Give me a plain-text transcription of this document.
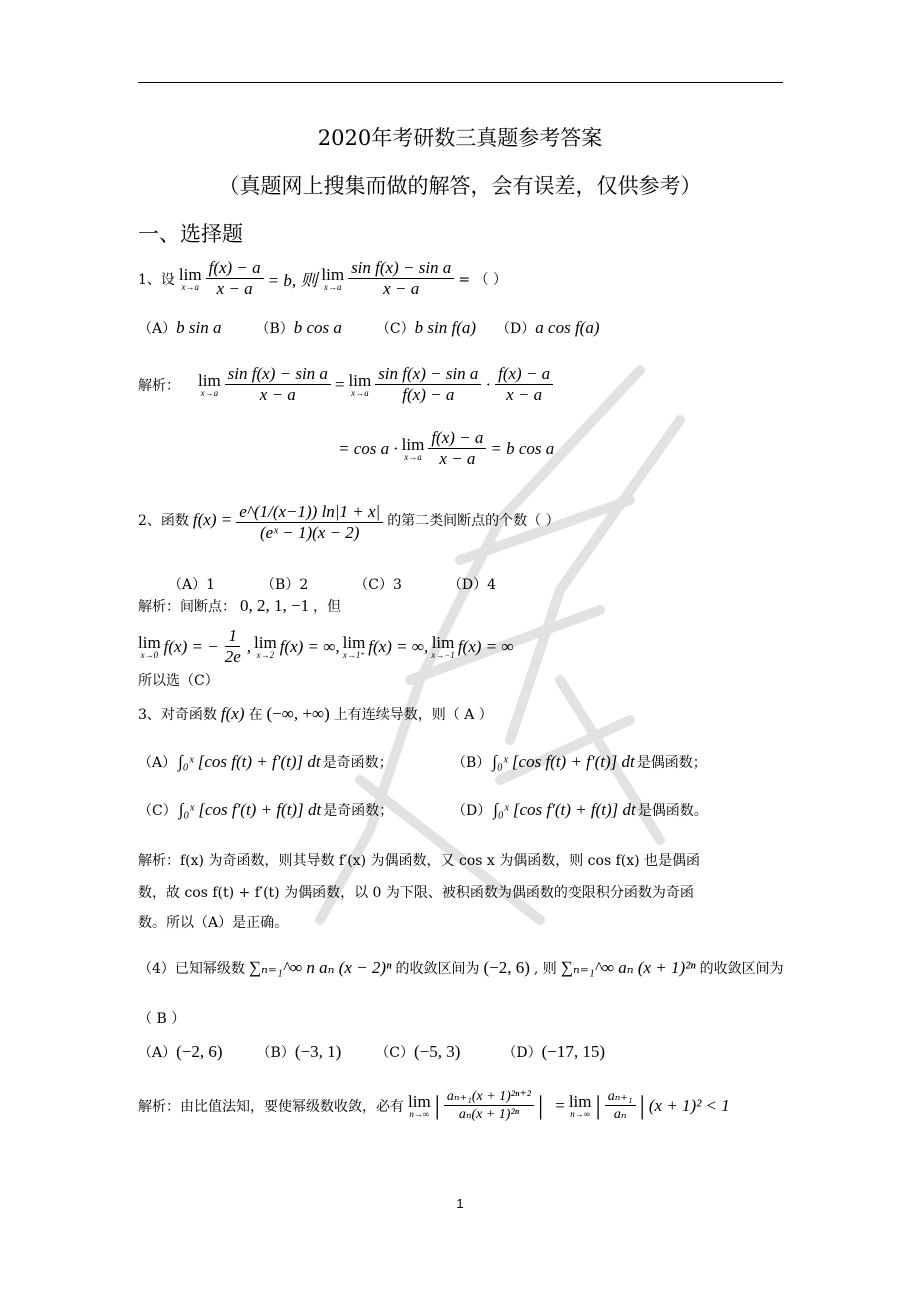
2020年考研数三真题参考答案
（真题网上搜集而做的解答，会有误差，仅供参考）
一、选择题
1、设 lim
$x\to a \frac{f(x) - a}{x - a} = b$, 则 lim
$x\to a \frac{\text{sin f(x) − sin a}}{x - a}$ = （ ）
（A） b sin a （B） b cos a （C） b sin f(a) （D） a cos f(a)
解析： lim
$x\to a \frac{\text{sin f(x) − sin a}}{x - a} = \lim$
$x\to a \frac{\text{sin f(x) − sin a}}{f(x) - a} \cdot \frac{f(x) - a}{x - a}$
= cos a · lim
$x\to a \frac{f(x) - a}{x - a} = b$ cos a
2、函数 $f(x) = \frac{e\^{}(1/(x-1)) \ln|1 + x|}{\text{(eˣ − 1)(x − 2)}}$ 的第二类间断点的个数（ ）
（A）1	（B）2	（C）3	（D）4
解析：间断点： 0, 2, 1, −1 ，但
lim
x→0 f(x) = − $\frac{1}{2e}$ , lim
x→2 f(x) = ∞, lim
x→1⁺ f(x) = ∞, lim
x→−1 f(x) = ∞
所以选（C）
3、对奇函数 f(x) 在 (−∞, +∞) 上有连续导数，则（ A ）
（A） ∫₀ˣ [cos f(t) + f′(t)] dt 是奇函数；	（B） ∫₀ˣ [cos f(t) + f′(t)] dt 是偶函数；
（C） ∫₀ˣ [cos f′(t) + f(t)] dt 是奇函数；	（D） ∫₀ˣ [cos f′(t) + f(t)] dt 是偶函数。
解析：f(x) 为奇函数，则其导数 f′(x) 为偶函数，又 cos x 为偶函数，则 cos f(x) 也是偶函
数，故 cos f(t) + f′(t) 为偶函数，以 0 为下限、被积函数为偶函数的变限积分函数为奇函
数。所以（A）是正确。
（4）已知幂级数 ∑ₙ₌₁^∞ n aₙ (x − 2)ⁿ 的收敛区间为 (−2, 6) , 则 ∑ₙ₌₁^∞ aₙ (x + 1)²ⁿ 的收敛区间为
（ B ）
（A） (−2, 6) （B） (−3, 1) （C） (−5, 3)	（D） (−17, 15)
解析：由比值法知，要使幂级数收敛，必有 lim
n→∞ | $\frac{\text{aₙ₊₁(x + 1)²ⁿ⁺²}}{\text{aₙ(x + 1)²ⁿ}}$ | = lim
n→∞ | $\frac{\text{aₙ₊₁}}{\text{aₙ}}$ | (x + 1)² < 1
1
